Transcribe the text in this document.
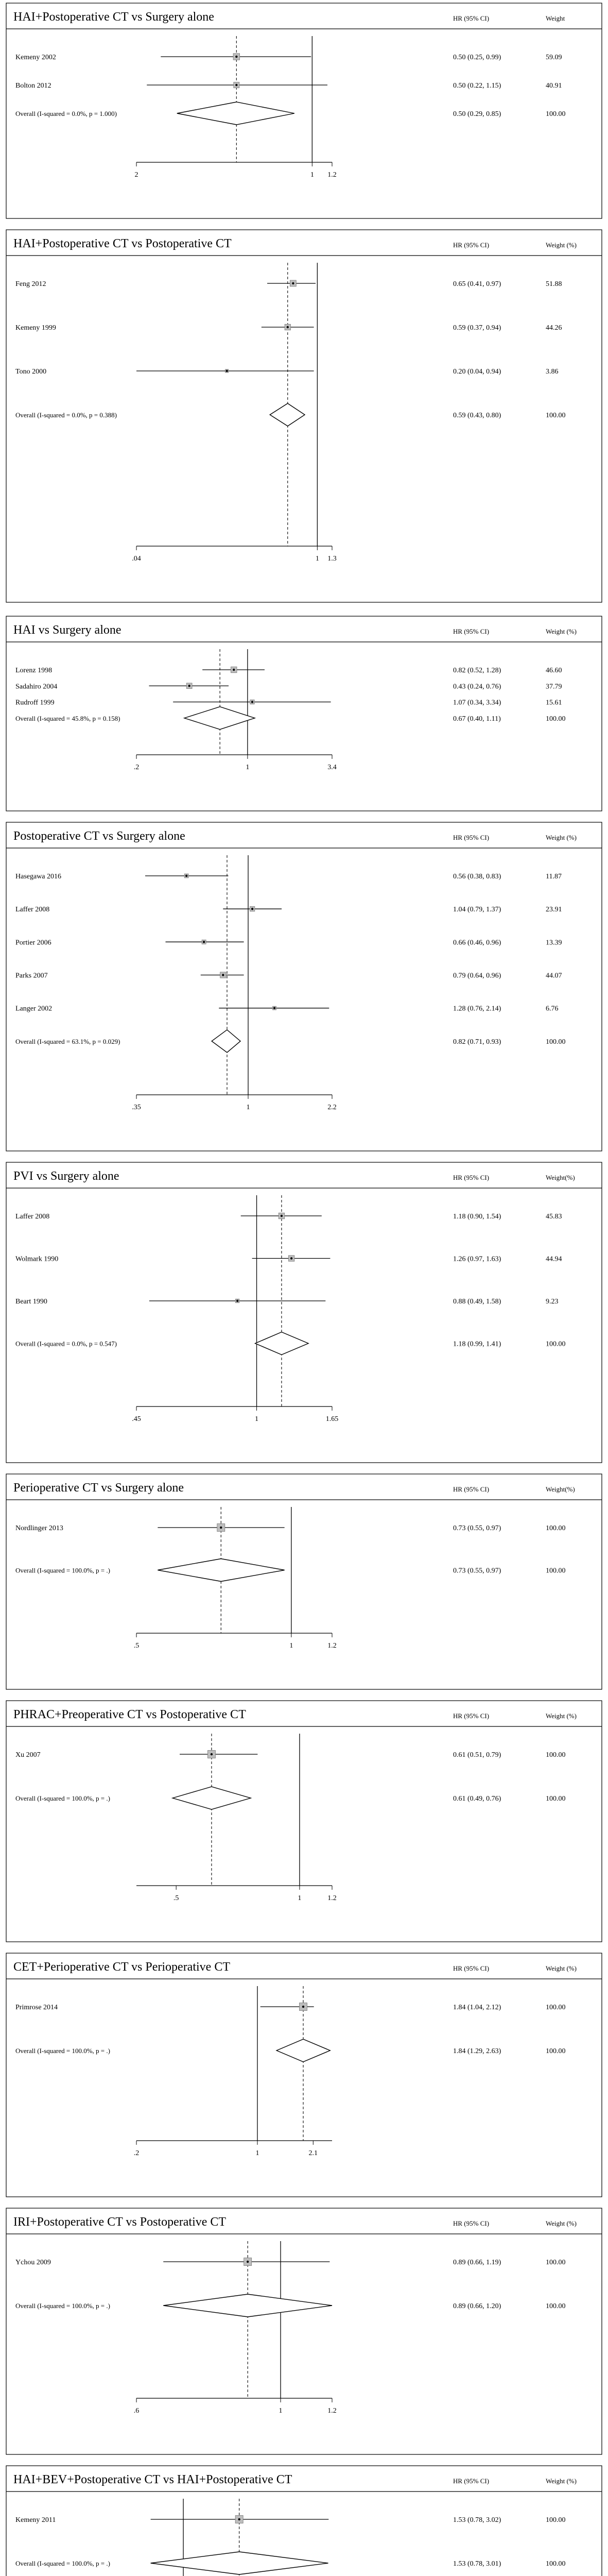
HAI+Postoperative CT vs Surgery alone	HR (95% CI)	Weight
Kemeny 2002	0.50 (0.25, 0.99)	59.09
Bolton 2012	0.50 (0.22, 1.15)	40.91
Overall (I-squared = 0.0%, p = 1.000)	0.50 (0.29, 0.85)	100.00
2	1 1.2
HAI+Postoperative CT vs Postoperative CT	HR (95% CI)	Weight (%)
Feng 2012	0.65 (0.41, 0.97)	51.88
Kemeny 1999	0.59 (0.37, 0.94)	44.26
Tono 2000	0.20 (0.04, 0.94)	3.86
Overall (I-squared = 0.0%, p = 0.388)	0.59 (0.43, 0.80)	100.00
.04	1 1.3
HAI vs Surgery alone	HR (95% CI)	Weight (%)
Lorenz 1998	0.82 (0.52, 1.28)	46.60
Sadahiro 2004	0.43 (0.24, 0.76)	37.79
Rudroff 1999	1.07 (0.34, 3.34)	15.61
Overall (I-squared = 45.8%, p = 0.158)	0.67 (0.40, 1.11)	100.00
.2	1	3.4
Postoperative CT vs Surgery alone	HR (95% CI)	Weight (%)
Hasegawa 2016	0.56 (0.38, 0.83)	11.87
Laffer 2008	1.04 (0.79, 1.37)	23.91
Portier 2006	0.66 (0.46, 0.96)	13.39
Parks 2007	0.79 (0.64, 0.96)	44.07
Langer 2002	1.28 (0.76, 2.14)	6.76
Overall (I-squared = 63.1%, p = 0.029)	0.82 (0.71, 0.93)	100.00
.35	1	2.2
PVI vs Surgery alone	HR (95% CI)	Weight(%)
Laffer 2008	1.18 (0.90, 1.54)	45.83
Wolmark 1990	1.26 (0.97, 1.63)	44.94
Beart 1990	0.88 (0.49, 1.58)	9.23
Overall (I-squared = 0.0%, p = 0.547)	1.18 (0.99, 1.41)	100.00
.45	1	1.65
Perioperative CT vs Surgery alone	HR (95% CI)	Weight(%)
Nordlinger 2013	0.73 (0.55, 0.97)	100.00
Overall (I-squared = 100.0%, p = .)	0.73 (0.55, 0.97)	100.00
.5	1	1.2
PHRAC+Preoperative CT vs Postoperative CT	HR (95% CI)	Weight (%)
Xu 2007	0.61 (0.51, 0.79)	100.00
Overall (I-squared = 100.0%, p = .)	0.61 (0.49, 0.76)	100.00
.5	1	1.2
CET+Perioperative CT vs Perioperative CT	HR (95% CI)	Weight (%)
Primrose 2014	1.84 (1.04, 2.12)	100.00
Overall (I-squared = 100.0%, p = .)	1.84 (1.29, 2.63)	100.00
.2	1	2.1
IRI+Postoperative CT vs Postoperative CT	HR (95% CI)	Weight (%)
Ychou 2009	0.89 (0.66, 1.19)	100.00
Overall (I-squared = 100.0%, p = .)	0.89 (0.66, 1.20)	100.00
.6	1	1.2
HAI+BEV+Postoperative CT vs HAI+Postoperative CT	HR (95% CI)	Weight (%)
Kemeny 2011	1.53 (0.78, 3.02)	100.00
Overall (I-squared = 100.0%, p = .)	1.53 (0.78, 3.01)	100.00
